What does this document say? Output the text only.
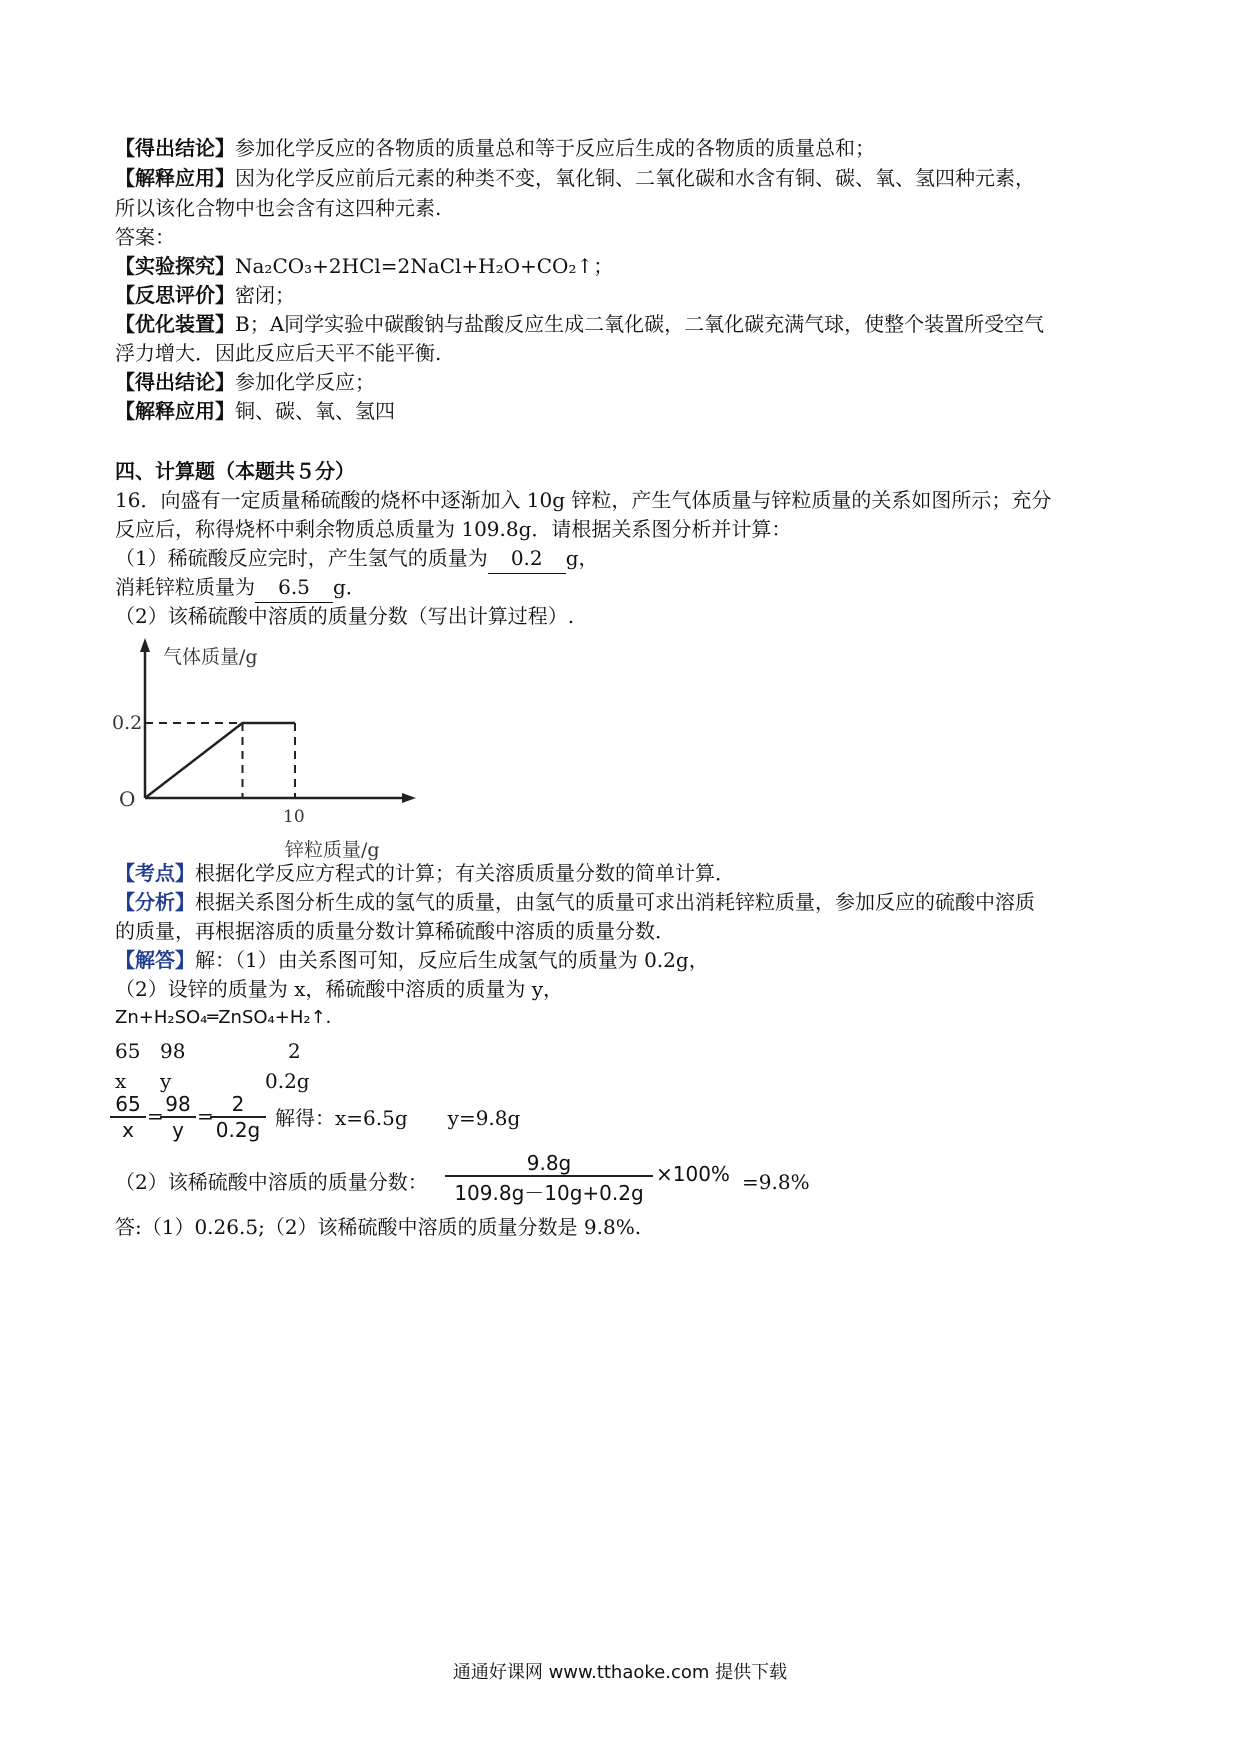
【得出结论】参加化学反应的各物质的质量总和等于反应后生成的各物质的质量总和；
【解释应用】因为化学反应前后元素的种类不变，氧化铜、二氧化碳和水含有铜、碳、氧、氢四种元素，
所以该化合物中也会含有这四种元素.
答案：
【实验探究】Na₂CO₃+2HCl=2NaCl+H₂O+CO₂↑；
【反思评价】密闭；
【优化装置】B；A同学实验中碳酸钠与盐酸反应生成二氧化碳，二氧化碳充满气球，使整个装置所受空气
浮力增大．因此反应后天平不能平衡.
【得出结论】参加化学反应；
【解释应用】铜、碳、氧、氢四
四、计算题（本题共５分）
16．向盛有一定质量稀硫酸的烧杯中逐渐加入 10g 锌粒，产生气体质量与锌粒质量的关系如图所示；充分
反应后，称得烧杯中剩余物质总质量为 109.8g．请根据关系图分析并计算：
（1）稀硫酸反应完时，产生氢气的质量为 0.2 g，
消耗锌粒质量为 6.5 g．
（2）该稀硫酸中溶质的质量分数（写出计算过程）.
气体质量/g
锌粒质量/g
O
0.2
10
【考点】根据化学反应方程式的计算；有关溶质质量分数的简单计算．
【分析】根据关系图分析生成的氢气的质量，由氢气的质量可求出消耗锌粒质量，参加反应的硫酸中溶质
的质量，再根据溶质的质量分数计算稀硫酸中溶质的质量分数．
【解答】解：（1）由关系图可知，反应后生成氢气的质量为 0.2g，
（2）设锌的质量为 x，稀硫酸中溶质的质量为 y，
Zn+H₂SO₄═ZnSO₄+H₂↑．
65 98	2
x y	0.2g
$\frac{65}{x}$ =
$\frac{98}{y}$ =
$\frac{2}{0.2g}$ 解得：x=6.5g　　y=9.8g
（2）该稀硫酸中溶质的质量分数： $\frac{9.8g}{109.8g-10g+0.2g} \times 100\% =9.8\%$
答:（1）0.26.5;（2）该稀硫酸中溶质的质量分数是 9.8%.
通通好课网 www.tthaoke.com 提供下载
